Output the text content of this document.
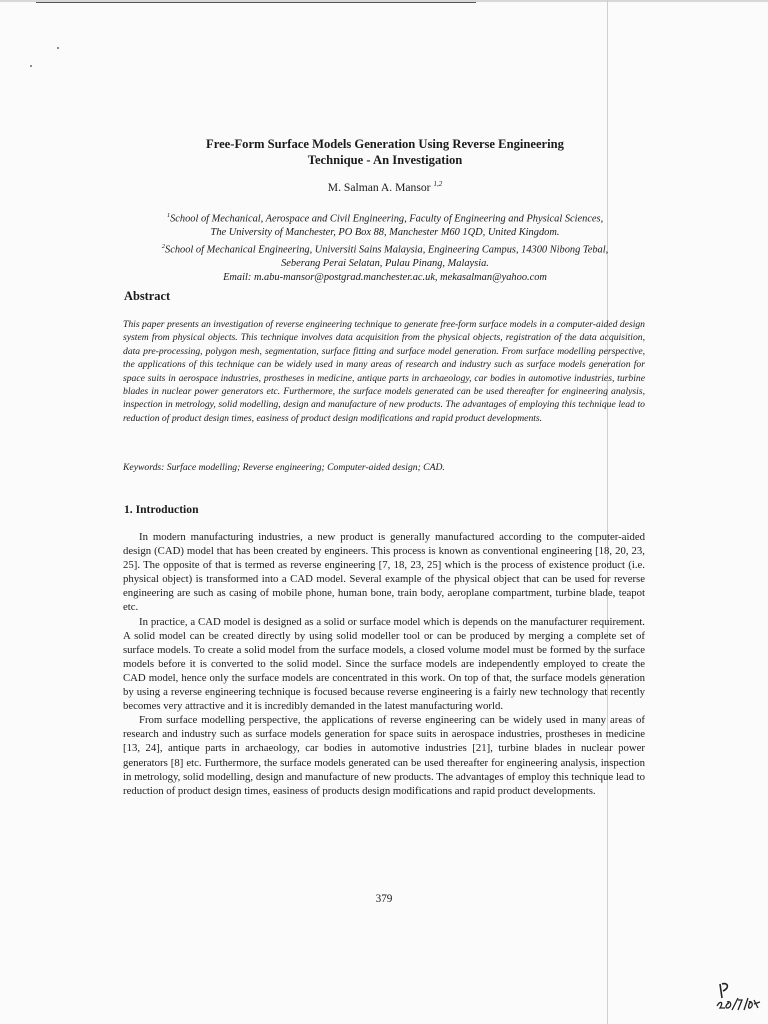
Free-Form Surface Models Generation Using Reverse Engineering
Technique - An Investigation
M. Salman A. Mansor $^{1,2}$
$^1$School of Mechanical, Aerospace and Civil Engineering, Faculty of Engineering and Physical Sciences,
The University of Manchester, PO Box 88, Manchester M60 1QD, United Kingdom.
$^2$School of Mechanical Engineering, Universiti Sains Malaysia, Engineering Campus, 14300 Nibong Tebal,
Seberang Perai Selatan, Pulau Pinang, Malaysia.
Email: m.abu-mansor@postgrad.manchester.ac.uk, mekasalman@yahoo.com
Abstract
This paper presents an investigation of reverse engineering technique to generate free-form surface models in a computer-aided design system from physical objects. This technique involves data acquisition from the physical objects, registration of the data acquisition, data pre-processing, polygon mesh, segmentation, surface fitting and surface model generation. From surface modelling perspective, the applications of this technique can be widely used in many areas of research and industry such as surface models generation for space suits in aerospace industries, prostheses in medicine, antique parts in archaeology, car bodies in automotive industries, turbine blades in nuclear power generators etc. Furthermore, the surface models generated can be used thereafter for engineering analysis, inspection in metrology, solid modelling, design and manufacture of new products. The advantages of employing this technique lead to reduction of product design times, easiness of product design modifications and rapid product developments.
Keywords: Surface modelling; Reverse engineering; Computer-aided design; CAD.
1. Introduction

In modern manufacturing industries, a new product is generally manufactured according to the computer-aided design (CAD) model that has been created by engineers. This process is known as conventional engineering [18, 20, 23, 25]. The opposite of that is termed as reverse engineering [7, 18, 23, 25] which is the process of existence product (i.e. physical object) is transformed into a CAD model. Several example of the physical object that can be used for reverse engineering are such as casing of mobile phone, human bone, train body, aeroplane compartment, turbine blade, teapot etc.

In practice, a CAD model is designed as a solid or surface model which is depends on the manufacturer requirement. A solid model can be created directly by using solid modeller tool or can be produced by merging a complete set of surface models. To create a solid model from the surface models, a closed volume model must be formed by the surface models before it is converted to the solid model. Since the surface models are independently employed to create the CAD model, hence only the surface models are concentrated in this work. On top of that, the surface models generation by using a reverse engineering technique is focused because reverse engineering is a fairly new technology that recently becomes very attractive and it is incredibly demanded in the latest manufacturing world.

From surface modelling perspective, the applications of reverse engineering can be widely used in many areas of research and industry such as surface models generation for space suits in aerospace industries, prostheses in medicine [13, 24], antique parts in archaeology, car bodies in automotive industries [21], turbine blades in nuclear power generators [8] etc. Furthermore, the surface models generated can be used thereafter for engineering analysis, inspection in metrology, solid modelling, design and manufacture of new products. The advantages of employ this technique lead to reduction of product design times, easiness of products design modifications and rapid product developments.

379
